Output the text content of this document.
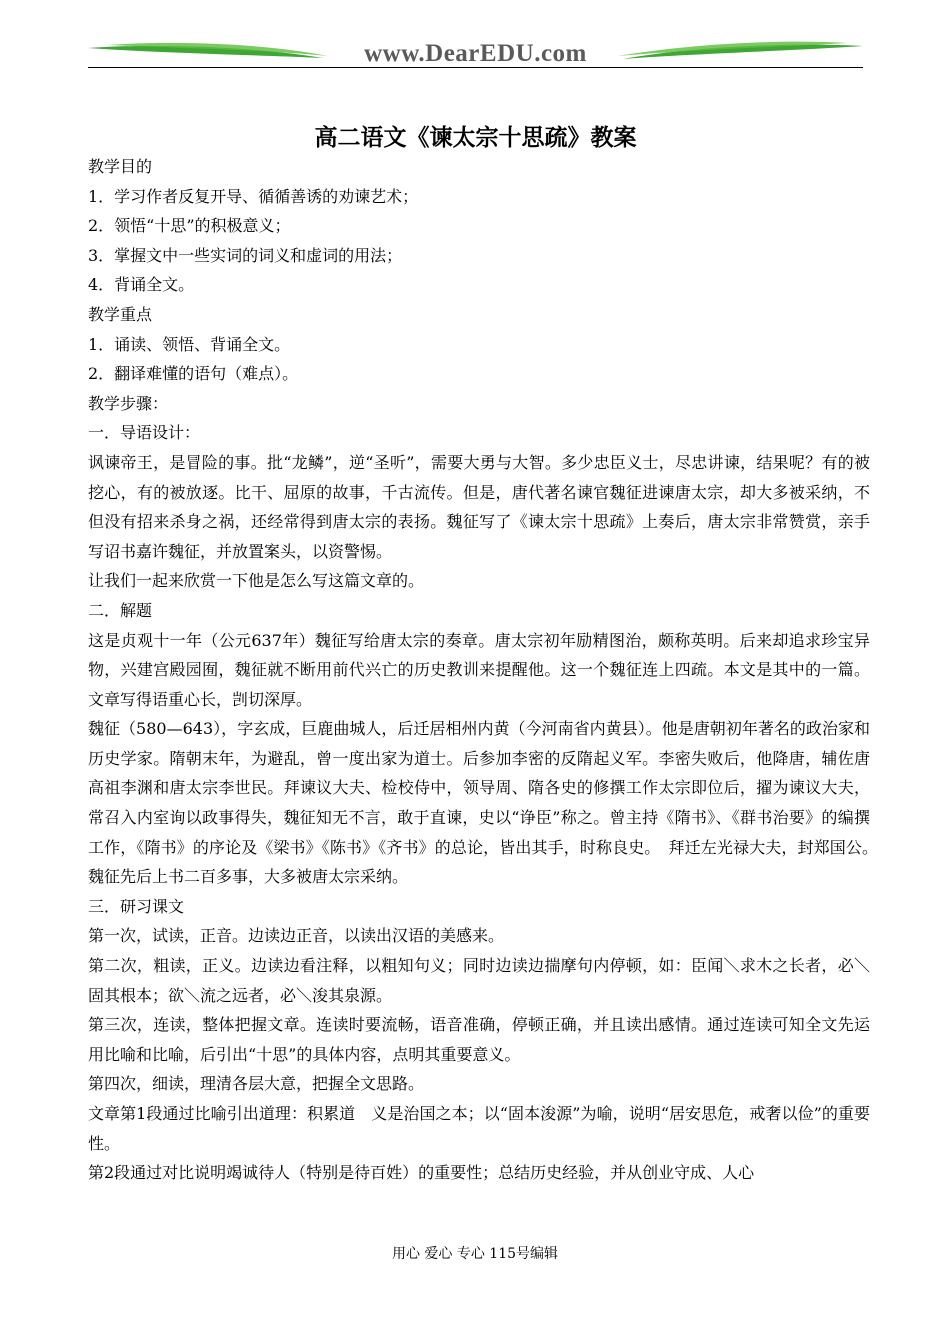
www.DearEDU.com
高二语文《谏太宗十思疏》教案

教学目的

1．学习作者反复开导、循循善诱的劝谏艺术；

2．领悟“十思”的积极意义；

3．掌握文中一些实词的词义和虚词的用法；

4．背诵全文。

教学重点

1．诵读、领悟、背诵全文。

2．翻译难懂的语句（难点）。

教学步骤：

一．导语设计：

讽谏帝王，是冒险的事。批“龙鳞”，逆“圣听”，需要大勇与大智。多少忠臣义士，尽忠讲谏，结果呢？有的被挖心，有的被放逐。比干、屈原的故事，千古流传。但是，唐代著名谏官魏征进谏唐太宗，却大多被采纳，不但没有招来杀身之祸，还经常得到唐太宗的表扬。魏征写了《谏太宗十思疏》上奏后，唐太宗非常赞赏，亲手写诏书嘉许魏征，并放置案头，以资警惕。

让我们一起来欣赏一下他是怎么写这篇文章的。

二．解题

这是贞观十一年（公元637年）魏征写给唐太宗的奏章。唐太宗初年励精图治，颇称英明。后来却追求珍宝异物，兴建宫殿园囿，魏征就不断用前代兴亡的历史教训来提醒他。这一个魏征连上四疏。本文是其中的一篇。文章写得语重心长，剀切深厚。

魏征（580—643），字玄成，巨鹿曲城人，后迁居相州内黄（今河南省内黄县）。他是唐朝初年著名的政治家和历史学家。隋朝末年，为避乱，曾一度出家为道士。后参加李密的反隋起义军。李密失败后，他降唐，辅佐唐高祖李渊和唐太宗李世民。拜谏议大夫、检校侍中，领导周、隋各史的修撰工作太宗即位后，擢为谏议大夫，常召入内室询以政事得失，魏征知无不言，敢于直谏，史以“诤臣”称之。曾主持《隋书》、《群书治要》的编撰工作，《隋书》的序论及《梁书》《陈书》《齐书》的总论，皆出其手，时称良史。　拜迁左光禄大夫，封郑国公。　魏征先后上书二百多事，大多被唐太宗采纳。

三．研习课文

第一次，试读，正音。边读边正音，以读出汉语的美感来。

第二次，粗读，正义。边读边看注释，以粗知句义；同时边读边揣摩句内停顿，如：臣闻＼求木之长者，必＼固其根本；欲＼流之远者，必＼浚其泉源。

第三次，连读，整体把握文章。连读时要流畅，语音准确，停顿正确，并且读出感情。通过连读可知全文先运用比喻和比喻，后引出“十思”的具体内容，点明其重要意义。

第四次，细读，理清各层大意，把握全文思路。

文章第1段通过比喻引出道理：积累道　义是治国之本；以“固本浚源”为喻，说明“居安思危，戒奢以俭”的重要性。

第2段通过对比说明竭诚待人（特别是待百姓）的重要性；总结历史经验，并从创业守成、人心

用心 爱心 专心 115号编辑
